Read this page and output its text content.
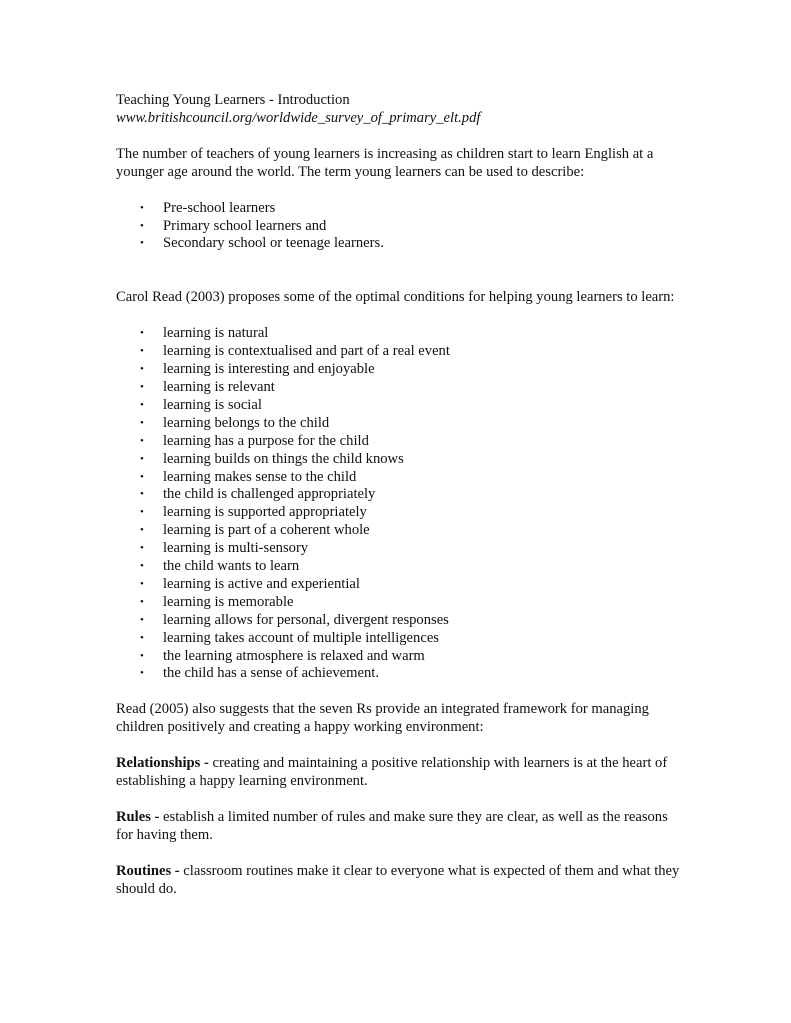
Teaching Young Learners - Introduction

www.britishcouncil.org/worldwide_survey_of_primary_elt.pdf

The number of teachers of young learners is increasing as children start to learn English at a younger age around the world. The term young learners can be used to describe:

• Pre-school learners
• Primary school learners and
• Secondary school or teenage learners.

Carol Read (2003) proposes some of the optimal conditions for helping young learners to learn:

• learning is natural
• learning is contextualised and part of a real event
• learning is interesting and enjoyable
• learning is relevant
• learning is social
• learning belongs to the child
• learning has a purpose for the child
• learning builds on things the child knows
• learning makes sense to the child
• the child is challenged appropriately
• learning is supported appropriately
• learning is part of a coherent whole
• learning is multi-sensory
• the child wants to learn
• learning is active and experiential
• learning is memorable
• learning allows for personal, divergent responses
• learning takes account of multiple intelligences
• the learning atmosphere is relaxed and warm
• the child has a sense of achievement.

Read (2005) also suggests that the seven Rs provide an integrated framework for managing children positively and creating a happy working environment:

Relationships - creating and maintaining a positive relationship with learners is at the heart of establishing a happy learning environment.

Rules - establish a limited number of rules and make sure they are clear, as well as the reasons for having them.

Routines - classroom routines make it clear to everyone what is expected of them and what they should do.
